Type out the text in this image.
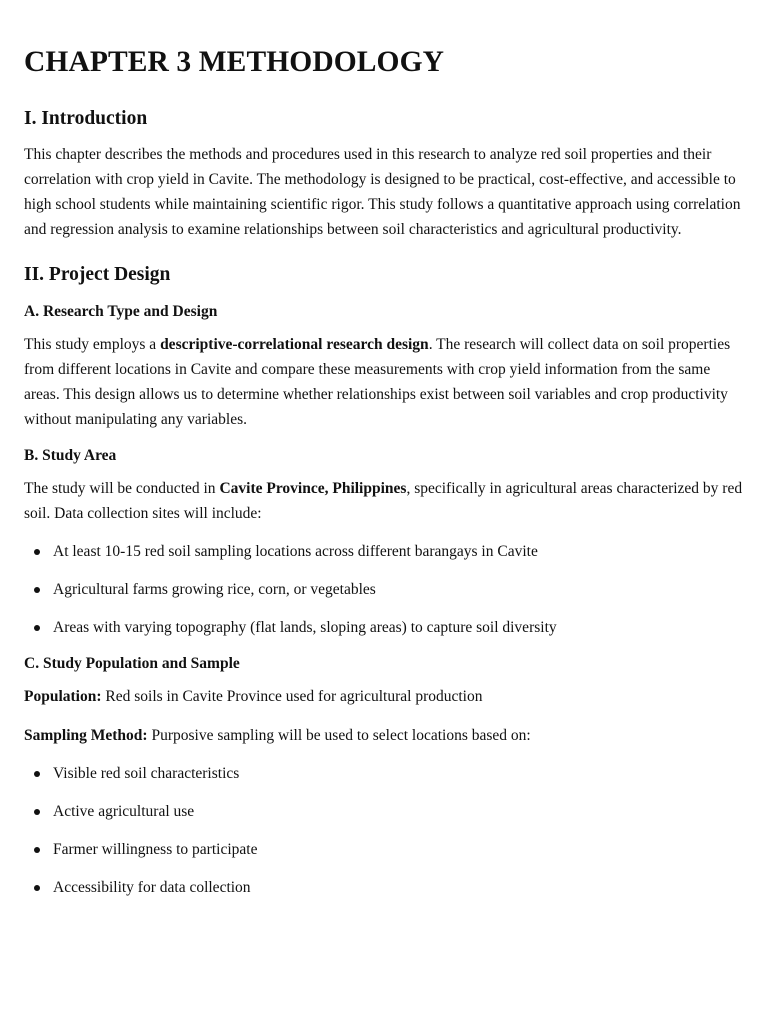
CHAPTER 3 METHODOLOGY
I. Introduction

This chapter describes the methods and procedures used in this research to analyze red soil properties and their correlation with crop yield in Cavite. The methodology is designed to be practical, cost-effective, and accessible to high school students while maintaining scientific rigor. This study follows a quantitative approach using correlation and regression analysis to examine relationships between soil characteristics and agricultural productivity.

II. Project Design
A. Research Type and Design

This study employs a descriptive-correlational research design. The research will collect data on soil properties from different locations in Cavite and compare these measurements with crop yield information from the same areas. This design allows us to determine whether relationships exist between soil variables and crop productivity without manipulating any variables.

B. Study Area

The study will be conducted in Cavite Province, Philippines, specifically in agricultural areas characterized by red soil. Data collection sites will include:

At least 10-15 red soil sampling locations across different barangays in Cavite
Agricultural farms growing rice, corn, or vegetables
Areas with varying topography (flat lands, sloping areas) to capture soil diversity
C. Study Population and Sample

Population: Red soils in Cavite Province used for agricultural production

Sampling Method: Purposive sampling will be used to select locations based on:

Visible red soil characteristics
Active agricultural use
Farmer willingness to participate
Accessibility for data collection
